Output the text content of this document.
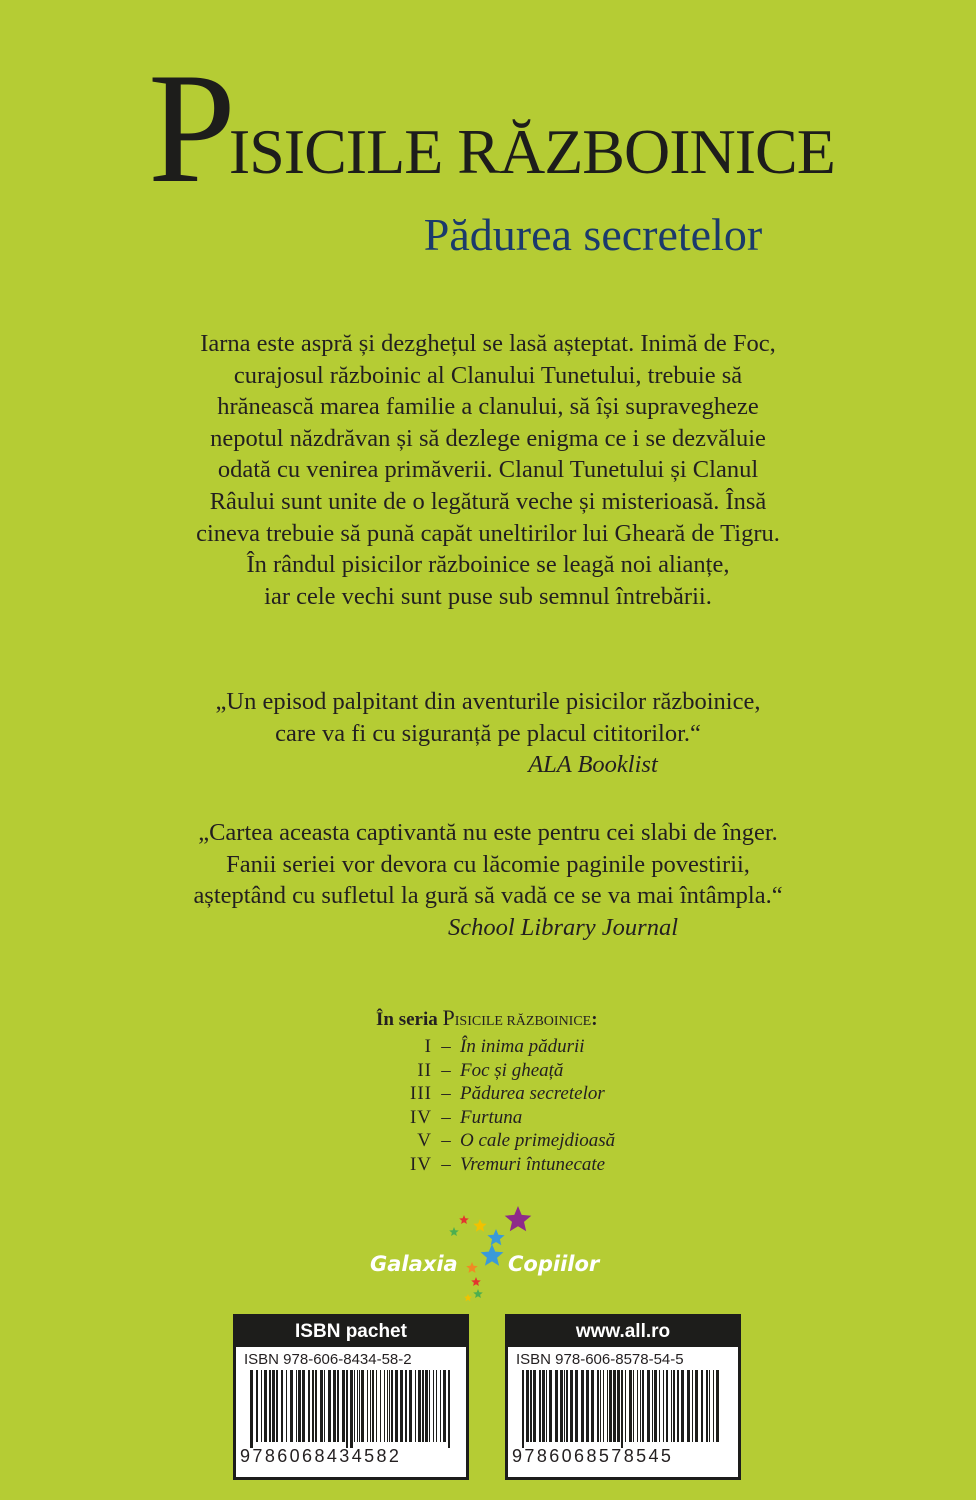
PISICILE RĂZBOINICE
Pădurea secretelor
Iarna este aspră și dezghețul se lasă așteptat. Inimă de Foc,
curajosul războinic al Clanului Tunetului, trebuie să
hrănească marea familie a clanului, să își supravegheze
nepotul năzdrăvan și să dezlege enigma ce i se dezvăluie
odată cu venirea primăverii. Clanul Tunetului și Clanul
Râului sunt unite de o legătură veche și misterioasă. Însă
cineva trebuie să pună capăt uneltirilor lui Gheară de Tigru.
În rândul pisicilor războinice se leagă noi alianțe,
iar cele vechi sunt puse sub semnul întrebării.
„Un episod palpitant din aventurile pisicilor războinice,
care va fi cu siguranță pe placul cititorilor.“
ALA Booklist
„Cartea aceasta captivantă nu este pentru cei slabi de înger.
Fanii seriei vor devora cu lăcomie paginile povestirii,
așteptând cu sufletul la gură să vadă ce se va mai întâmpla.“
School Library Journal
În seria PISICILE RĂZBOINICE:
I – În inima pădurii
II – Foc și gheață
III – Pădurea secretelor
IV – Furtuna
V – O cale primejdioasă
IV – Vremuri întunecate
Galaxia Copiilor
ISBN pachet
ISBN 978-606-8434-58-2
9786068434582
www.all.ro
ISBN 978-606-8578-54-5
9786068578545
